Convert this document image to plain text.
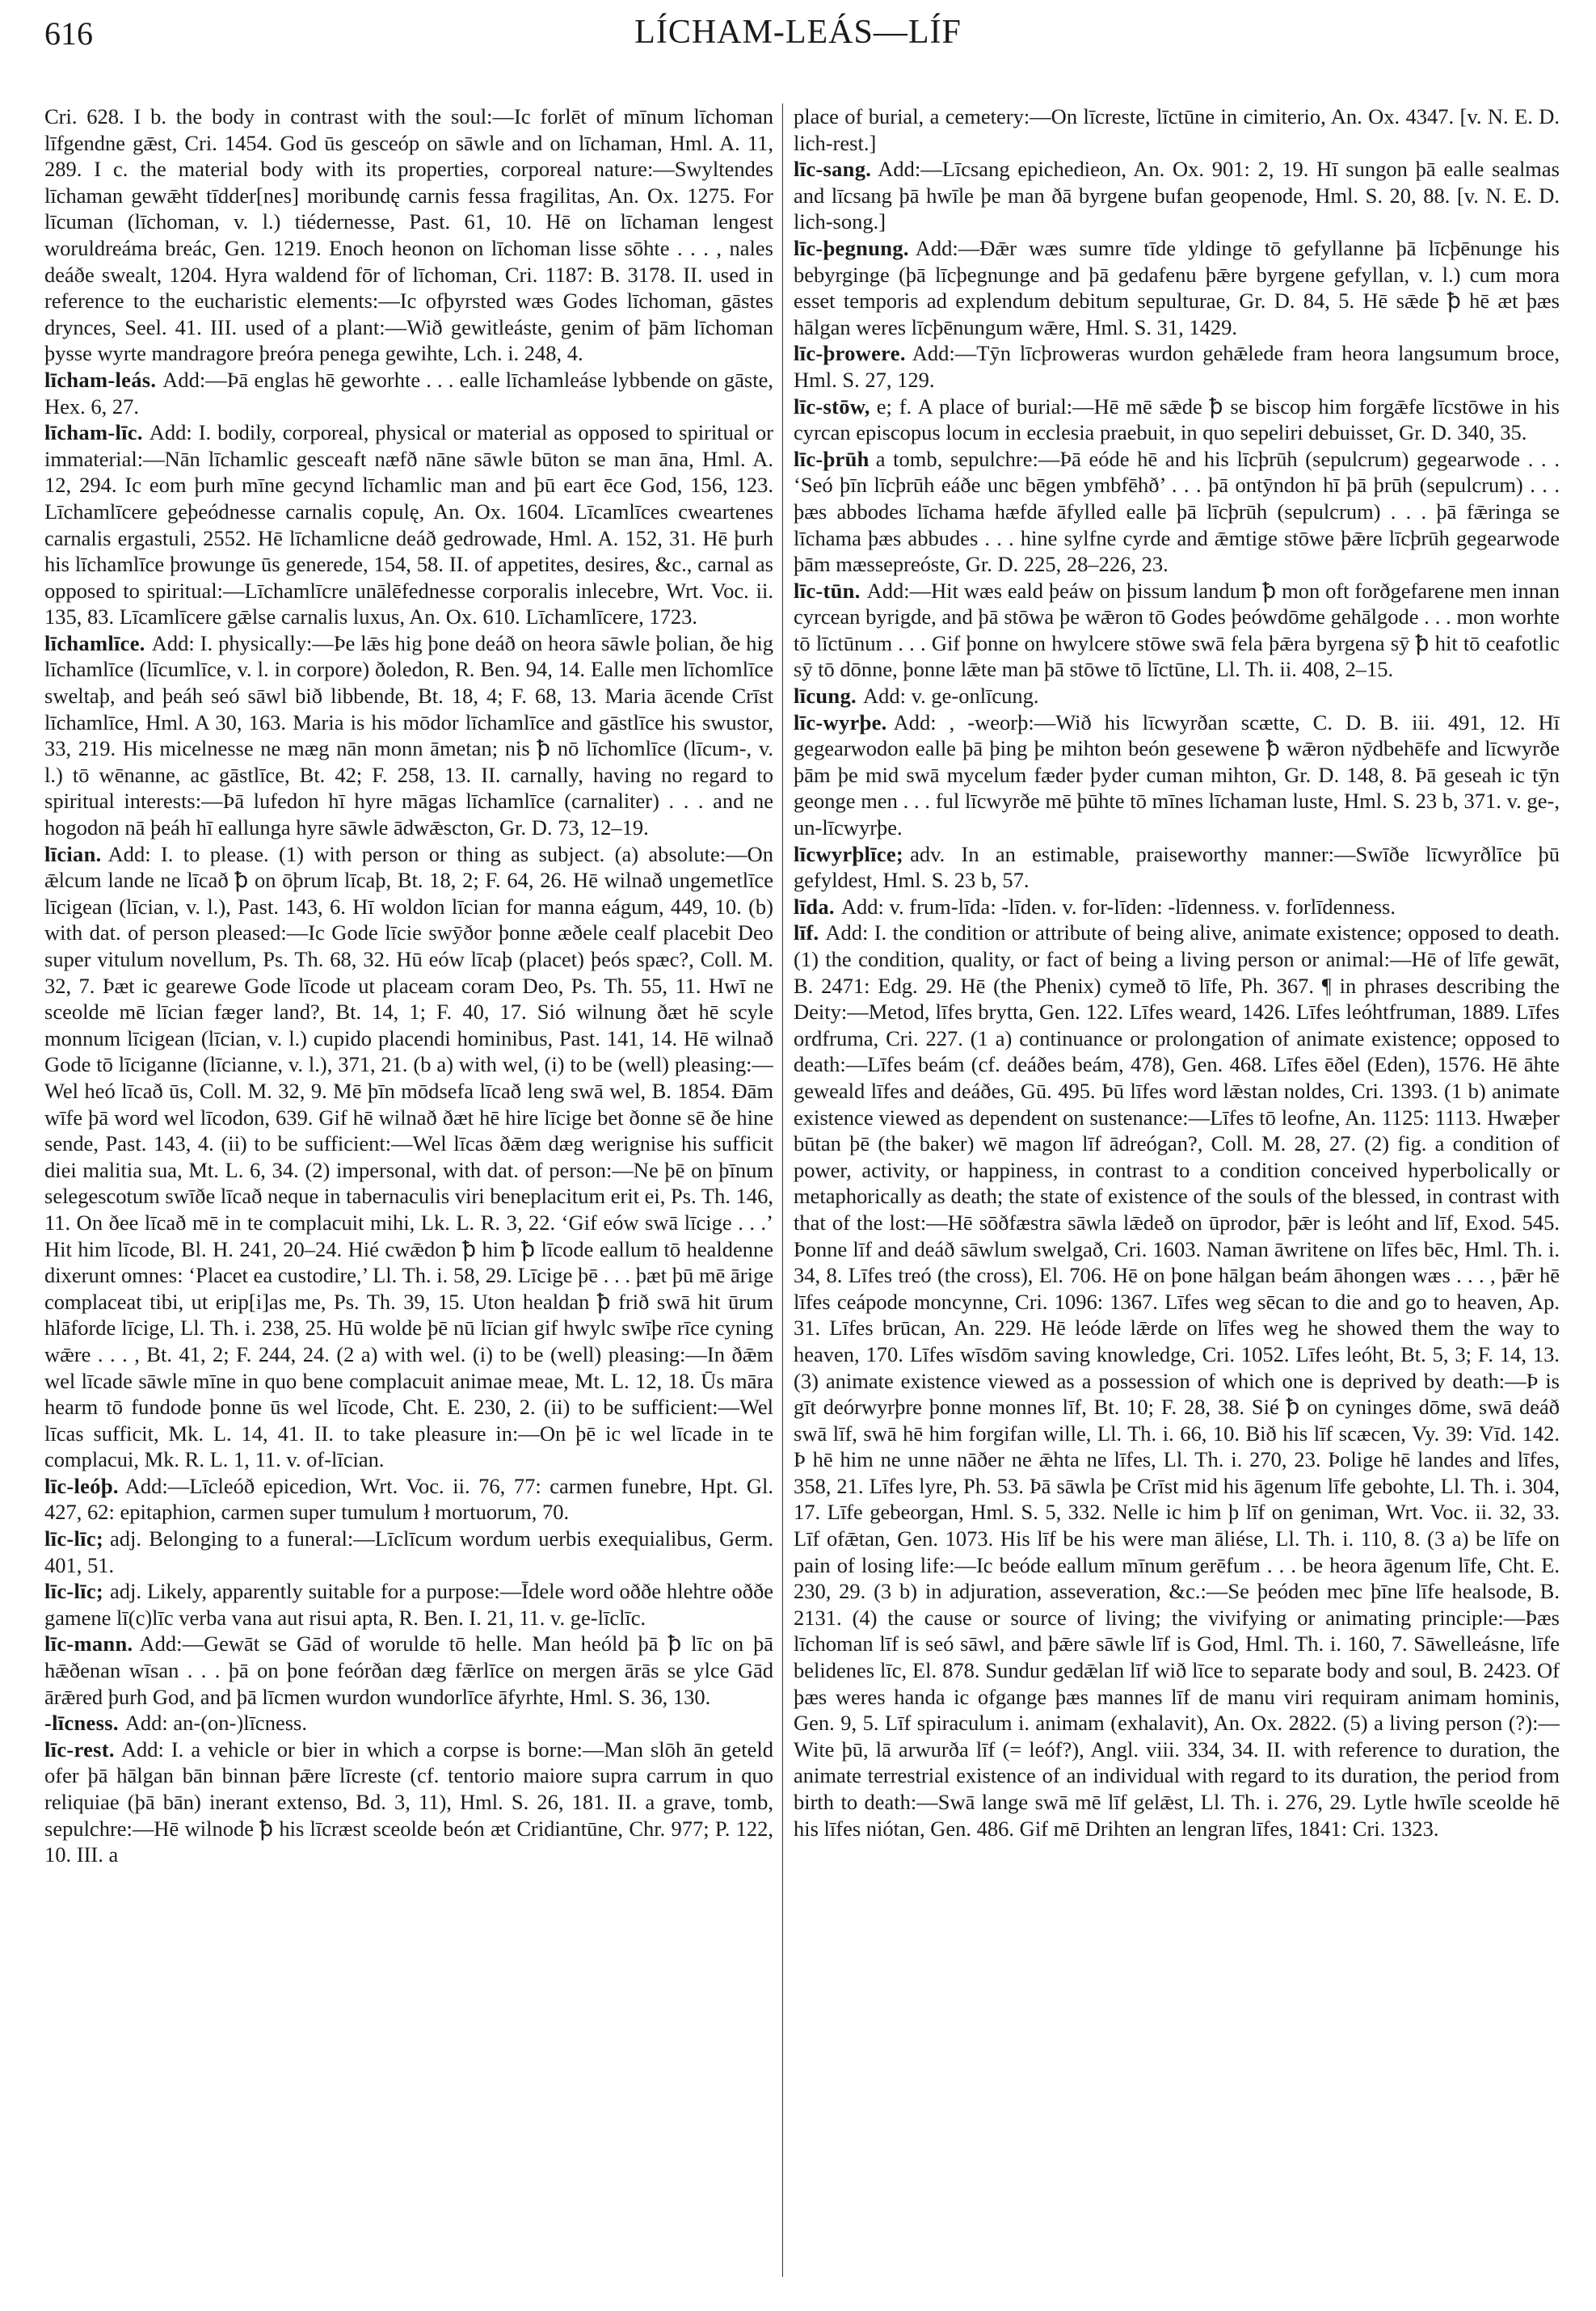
616	LÍCHAM-LEÁS—LÍF

Cri. 628. I b. the body in contrast with the soul:—Ic forlēt of mīnum līchoman līfgendne gǣst, Cri. 1454. God ūs gesceóp on sāwle and on līchaman, Hml. A. 11, 289. I c. the material body with its properties, corporeal nature:—Swyltendes līchaman gewǣht tīdder[nes] moribundę carnis fessa fragilitas, An. Ox. 1275. For līcuman (līchoman, v. l.) tiédernesse, Past. 61, 10. Hē on līchaman lengest woruldreáma breác, Gen. 1219. Enoch heonon on līchoman lisse sōhte . . . , nales deáðe swealt, 1204. Hyra waldend fōr of līchoman, Cri. 1187: B. 3178. II. used in reference to the eucharistic elements:—Ic ofþyrsted wæs Godes līchoman, gāstes drynces, Seel. 41. III. used of a plant:—Wið gewitleáste, genim of þām līchoman þysse wyrte mandragore þreóra penega gewihte, Lch. i. 248, 4.

līcham-leás. Add:—Þā englas hē geworhte . . . ealle līchamleáse lybbende on gāste, Hex. 6, 27.

līcham-līc. Add: I. bodily, corporeal, physical or material as opposed to spiritual or immaterial:—Nān līchamlic gesceaft næfð nāne sāwle būton se man āna, Hml. A. 12, 294. Ic eom þurh mīne gecynd līchamlic man and þū eart ēce God, 156, 123. Līchamlīcere geþeódnesse carnalis copulę, An. Ox. 1604. Līcamlīces cweartenes carnalis ergastuli, 2552. Hē līchamlicne deáð gedrowade, Hml. A. 152, 31. Hē þurh his līchamlīce þrowunge ūs generede, 154, 58. II. of appetites, desires, &c., carnal as opposed to spiritual:—Līchamlīcre unālēfednesse corporalis inlecebre, Wrt. Voc. ii. 135, 83. Līcamlīcere gǣlse carnalis luxus, An. Ox. 610. Līchamlīcere, 1723.

līchamlīce. Add: I. physically:—Þe lǣs hig þone deáð on heora sāwle þolian, ðe hig līchamlīce (līcumlīce, v. l. in corpore) ðoledon, R. Ben. 94, 14. Ealle men līchomlīce sweltaþ, and þeáh seó sāwl bið libbende, Bt. 18, 4; F. 68, 13. Maria ācende Crīst līchamlīce, Hml. A 30, 163. Maria is his mōdor līchamlīce and gāstlīce his swustor, 33, 219. His micelnesse ne mæg nān monn āmetan; nis ꝥ nō līchomlīce (līcum-, v. l.) tō wēnanne, ac gāstlīce, Bt. 42; F. 258, 13. II. carnally, having no regard to spiritual interests:—Þā lufedon hī hyre māgas līchamlīce (carnaliter) . . . and ne hogodon nā þeáh hī eallunga hyre sāwle ādwǣscton, Gr. D. 73, 12–19.

līcian. Add: I. to please. (1) with person or thing as subject. (a) absolute:—On ǣlcum lande ne līcað ꝥ on ōþrum līcaþ, Bt. 18, 2; F. 64, 26. Hē wilnað ungemetlīce līcigean (līcian, v. l.), Past. 143, 6. Hī woldon līcian for manna eágum, 449, 10. (b) with dat. of person pleased:—Ic Gode līcie swȳðor þonne æðele cealf placebit Deo super vitulum novellum, Ps. Th. 68, 32. Hū eów līcaþ (placet) þeós spæc?, Coll. M. 32, 7. Þæt ic gearewe Gode līcode ut placeam coram Deo, Ps. Th. 55, 11. Hwī ne sceolde mē līcian fæger land?, Bt. 14, 1; F. 40, 17. Sió wilnung ðæt hē scyle monnum līcigean (līcian, v. l.) cupido placendi hominibus, Past. 141, 14. Hē wilnað Gode tō līciganne (līcianne, v. l.), 371, 21. (b a) with wel, (i) to be (well) pleasing:—Wel heó līcað ūs, Coll. M. 32, 9. Mē þīn mōdsefa līcað leng swā wel, B. 1854. Ðām wīfe þā word wel līcodon, 639. Gif hē wilnað ðæt hē hire līcige bet ðonne sē ðe hine sende, Past. 143, 4. (ii) to be sufficient:—Wel līcas ðǣm dæg werignise his sufficit diei malitia sua, Mt. L. 6, 34. (2) impersonal, with dat. of person:—Ne þē on þīnum selegescotum swīðe līcað neque in tabernaculis viri beneplacitum erit ei, Ps. Th. 146, 11. On ðee līcað mē in te complacuit mihi, Lk. L. R. 3, 22. ‘Gif eów swā līcige . . .’ Hit him līcode, Bl. H. 241, 20–24. Hié cwǣdon ꝥ him ꝥ līcode eallum tō healdenne dixerunt omnes: ‘Placet ea custodire,’ Ll. Th. i. 58, 29. Līcige þē . . . þæt þū mē ārige complaceat tibi, ut erip[i]as me, Ps. Th. 39, 15. Uton healdan ꝥ frið swā hit ūrum hlāforde līcige, Ll. Th. i. 238, 25. Hū wolde þē nū līcian gif hwylc swīþe rīce cyning wǣre . . . , Bt. 41, 2; F. 244, 24. (2 a) with wel. (i) to be (well) pleasing:—In ðǣm wel līcade sāwle mīne in quo bene complacuit animae meae, Mt. L. 12, 18. Ūs māra hearm tō fundode þonne ūs wel līcode, Cht. E. 230, 2. (ii) to be sufficient:—Wel līcas sufficit, Mk. L. 14, 41. II. to take pleasure in:—On þē ic wel līcade in te complacui, Mk. R. L. 1, 11. v. of-līcian.

līc-leóþ. Add:—Līcleóð epicedion, Wrt. Voc. ii. 76, 77: carmen funebre, Hpt. Gl. 427, 62: epitaphion, carmen super tumulum ł mortuorum, 70.

līc-līc; adj. Belonging to a funeral:—Līclīcum wordum uerbis exequialibus, Germ. 401, 51.

līc-līc; adj. Likely, apparently suitable for a purpose:—Īdele word oððe hlehtre oððe gamene lī(c)līc verba vana aut risui apta, R. Ben. I. 21, 11. v. ge-līclīc.

līc-mann. Add:—Gewāt se Gād of worulde tō helle. Man heóld þā ꝥ līc on þā hǣðenan wīsan . . . þā on þone feórðan dæg fǣrlīce on mergen ārās se ylce Gād ārǣred þurh God, and þā līcmen wurdon wundorlīce āfyrhte, Hml. S. 36, 130.

-līcness. Add: an-(on-)līcness.

līc-rest. Add: I. a vehicle or bier in which a corpse is borne:—Man slōh ān geteld ofer þā hālgan bān binnan þǣre līcreste (cf. tentorio maiore supra carrum in quo reliquiae (þā bān) inerant extenso, Bd. 3, 11), Hml. S. 26, 181. II. a grave, tomb, sepulchre:—Hē wilnode ꝥ his līcræst sceolde beón æt Cridiantūne, Chr. 977; P. 122, 10. III. a

place of burial, a cemetery:—On līcreste, līctūne in cimiterio, An. Ox. 4347. [v. N. E. D. lich-rest.]

līc-sang. Add:—Līcsang epichedieon, An. Ox. 901: 2, 19. Hī sungon þā ealle sealmas and līcsang þā hwīle þe man ðā byrgene bufan geopenode, Hml. S. 20, 88. [v. N. E. D. lich-song.]

līc-þegnung. Add:—Ðǣr wæs sumre tīde yldinge tō gefyllanne þā līcþēnunge his bebyrginge (þā līcþegnunge and þā gedafenu þǣre byrgene gefyllan, v. l.) cum mora esset temporis ad explendum debitum sepulturae, Gr. D. 84, 5. Hē sǣde ꝥ hē æt þæs hālgan weres līcþēnungum wǣre, Hml. S. 31, 1429.

līc-þrowere. Add:—Tȳn līcþroweras wurdon gehǣlede fram heora langsumum broce, Hml. S. 27, 129.

līc-stōw, e; f. A place of burial:—Hē mē sǣde ꝥ se biscop him forgǣfe līcstōwe in his cyrcan episcopus locum in ecclesia praebuit, in quo sepeliri debuisset, Gr. D. 340, 35.

līc-þrūh a tomb, sepulchre:—Þā eóde hē and his līcþrūh (sepulcrum) gegearwode . . . ‘Seó þīn līcþrūh eáðe unc bēgen ymbfēhð’ . . . þā ontȳndon hī þā þrūh (sepulcrum) . . . þæs abbodes līchama hæfde āfylled ealle þā līcþrūh (sepulcrum) . . . þā fǣringa se līchama þæs abbudes . . . hine sylfne cyrde and ǣmtige stōwe þǣre līcþrūh gegearwode þām mæssepreóste, Gr. D. 225, 28–226, 23.

līc-tūn. Add:—Hit wæs eald þeáw on þissum landum ꝥ mon oft forðgefarene men innan cyrcean byrigde, and þā stōwa þe wǣron tō Godes þeówdōme gehālgode . . . mon worhte tō līctūnum . . . Gif þonne on hwylcere stōwe swā fela þǣra byrgena sȳ ꝥ hit tō ceafotlic sȳ tō dōnne, þonne lǣte man þā stōwe tō līctūne, Ll. Th. ii. 408, 2–15.

līcung. Add: v. ge-onlīcung.

līc-wyrþe. Add: , -weorþ:—Wið his līcwyrðan scætte, C. D. B. iii. 491, 12. Hī gegearwodon ealle þā þing þe mihton beón gesewene ꝥ wǣron nȳdbehēfe and līcwyrðe þām þe mid swā mycelum fæder þyder cuman mihton, Gr. D. 148, 8. Þā geseah ic tȳn geonge men . . . ful līcwyrðe mē þūhte tō mīnes līchaman luste, Hml. S. 23 b, 371. v. ge-, un-līcwyrþe.

līcwyrþlīce; adv. In an estimable, praiseworthy manner:—Swīðe līcwyrðlīce þū gefyldest, Hml. S. 23 b, 57.

līda. Add: v. frum-līda: -līden. v. for-līden: -līdenness. v. forlīdenness.

līf. Add: I. the condition or attribute of being alive, animate existence; opposed to death. (1) the condition, quality, or fact of being a living person or animal:—Hē of līfe gewāt, B. 2471: Edg. 29. Hē (the Phenix) cymeð tō līfe, Ph. 367. ¶ in phrases describing the Deity:—Metod, līfes brytta, Gen. 122. Līfes weard, 1426. Līfes leóhtfruman, 1889. Līfes ordfruma, Cri. 227. (1 a) continuance or prolongation of animate existence; opposed to death:—Līfes beám (cf. deáðes beám, 478), Gen. 468. Līfes ēðel (Eden), 1576. Hē āhte geweald līfes and deáðes, Gū. 495. Þū līfes word lǣstan noldes, Cri. 1393. (1 b) animate existence viewed as dependent on sustenance:—Līfes tō leofne, An. 1125: 1113. Hwæþer būtan þē (the baker) wē magon līf ādreógan?, Coll. M. 28, 27. (2) fig. a condition of power, activity, or happiness, in contrast to a condition conceived hyperbolically or metaphorically as death; the state of existence of the souls of the blessed, in contrast with that of the lost:—Hē sōðfæstra sāwla lǣdeð on ūprodor, þǣr is leóht and līf, Exod. 545. Þonne līf and deáð sāwlum swelgað, Cri. 1603. Naman āwritene on līfes bēc, Hml. Th. i. 34, 8. Līfes treó (the cross), El. 706. Hē on þone hālgan beám āhongen wæs . . . , þǣr hē līfes ceápode moncynne, Cri. 1096: 1367. Līfes weg sēcan to die and go to heaven, Ap. 31. Līfes brūcan, An. 229. Hē leóde lǣrde on līfes weg he showed them the way to heaven, 170. Līfes wīsdōm saving knowledge, Cri. 1052. Līfes leóht, Bt. 5, 3; F. 14, 13. (3) animate existence viewed as a possession of which one is deprived by death:—Þ is gīt deórwyrþre þonne monnes līf, Bt. 10; F. 28, 38. Sié ꝥ on cyninges dōme, swā deáð swā līf, swā hē him forgifan wille, Ll. Th. i. 66, 10. Bið his līf scæcen, Vy. 39: Vīd. 142. Þ hē him ne unne nāðer ne ǣhta ne līfes, Ll. Th. i. 270, 23. Þolige hē landes and līfes, 358, 21. Līfes lyre, Ph. 53. Þā sāwla þe Crīst mid his āgenum līfe gebohte, Ll. Th. i. 304, 17. Līfe gebeorgan, Hml. S. 5, 332. Nelle ic him þ līf on geniman, Wrt. Voc. ii. 32, 33. Līf ofǣtan, Gen. 1073. His līf be his were man āliése, Ll. Th. i. 110, 8. (3 a) be līfe on pain of losing life:—Ic beóde eallum mīnum gerēfum . . . be heora āgenum līfe, Cht. E. 230, 29. (3 b) in adjuration, asseveration, &c.:—Se þeóden mec þīne līfe healsode, B. 2131. (4) the cause or source of living; the vivifying or animating principle:—Þæs līchoman līf is seó sāwl, and þǣre sāwle līf is God, Hml. Th. i. 160, 7. Sāwelleásne, līfe belidenes līc, El. 878. Sundur gedǣlan līf wið līce to separate body and soul, B. 2423. Of þæs weres handa ic ofgange þæs mannes līf de manu viri requiram animam hominis, Gen. 9, 5. Līf spiraculum i. animam (exhalavit), An. Ox. 2822. (5) a living person (?):—Wite þū, lā arwurða līf (= leóf?), Angl. viii. 334, 34. II. with reference to duration, the animate terrestrial existence of an individual with regard to its duration, the period from birth to death:—Swā lange swā mē līf gelǣst, Ll. Th. i. 276, 29. Lytle hwīle sceolde hē his līfes niótan, Gen. 486. Gif mē Drihten an lengran līfes, 1841: Cri. 1323.
